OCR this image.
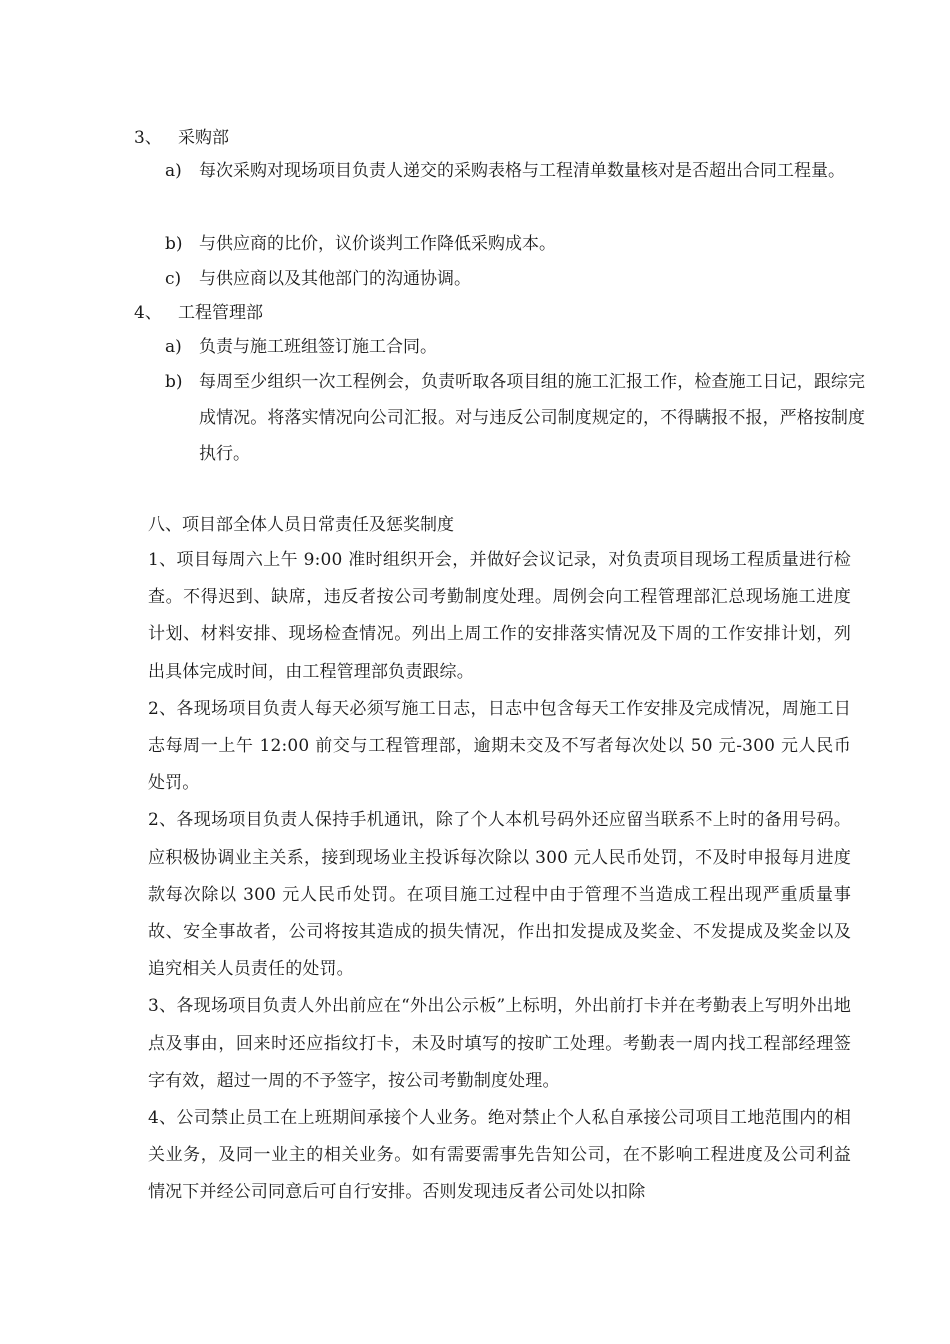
3、 采购部
a)	每次采购对现场项目负责人递交的采购表格与工程清单数量核对是否超出合同工程量。
b) 与供应商的比价，议价谈判工作降低采购成本。
c)	与供应商以及其他部门的沟通协调。
4、 工程管理部
a)	负责与施工班组签订施工合同。
b) 每周至少组织一次工程例会，负责听取各项目组的施工汇报工作，检查施工日记，跟综完成情况。将落实情况向公司汇报。对与违反公司制度规定的，不得瞒报不报，严格按制度执行。
八、项目部全体人员日常责任及惩奖制度

1、项目每周六上午 9:00 准时组织开会，并做好会议记录，对负责项目现场工程质量进行检查。不得迟到、缺席，违反者按公司考勤制度处理。周例会向工程管理部汇总现场施工进度计划、材料安排、现场检查情况。列出上周工作的安排落实情况及下周的工作安排计划，列出具体完成时间，由工程管理部负责跟综。

2、各现场项目负责人每天必须写施工日志，日志中包含每天工作安排及完成情况，周施工日志每周一上午 12:00 前交与工程管理部，逾期未交及不写者每次处以 50 元-300 元人民币处罚。

2、各现场项目负责人保持手机通讯，除了个人本机号码外还应留当联系不上时的备用号码。应积极协调业主关系，接到现场业主投诉每次除以 300 元人民币处罚，不及时申报每月进度款每次除以 300 元人民币处罚。在项目施工过程中由于管理不当造成工程出现严重质量事故、安全事故者，公司将按其造成的损失情况，作出扣发提成及奖金、不发提成及奖金以及追究相关人员责任的处罚。

3、各现场项目负责人外出前应在“外出公示板”上标明，外出前打卡并在考勤表上写明外出地点及事由，回来时还应指纹打卡，未及时填写的按旷工处理。考勤表一周内找工程部经理签字有效，超过一周的不予签字，按公司考勤制度处理。

4、公司禁止员工在上班期间承接个人业务。绝对禁止个人私自承接公司项目工地范围内的相关业务，及同一业主的相关业务。如有需要需事先告知公司，在不影响工程进度及公司利益情况下并经公司同意后可自行安排。否则发现违反者公司处以扣除
